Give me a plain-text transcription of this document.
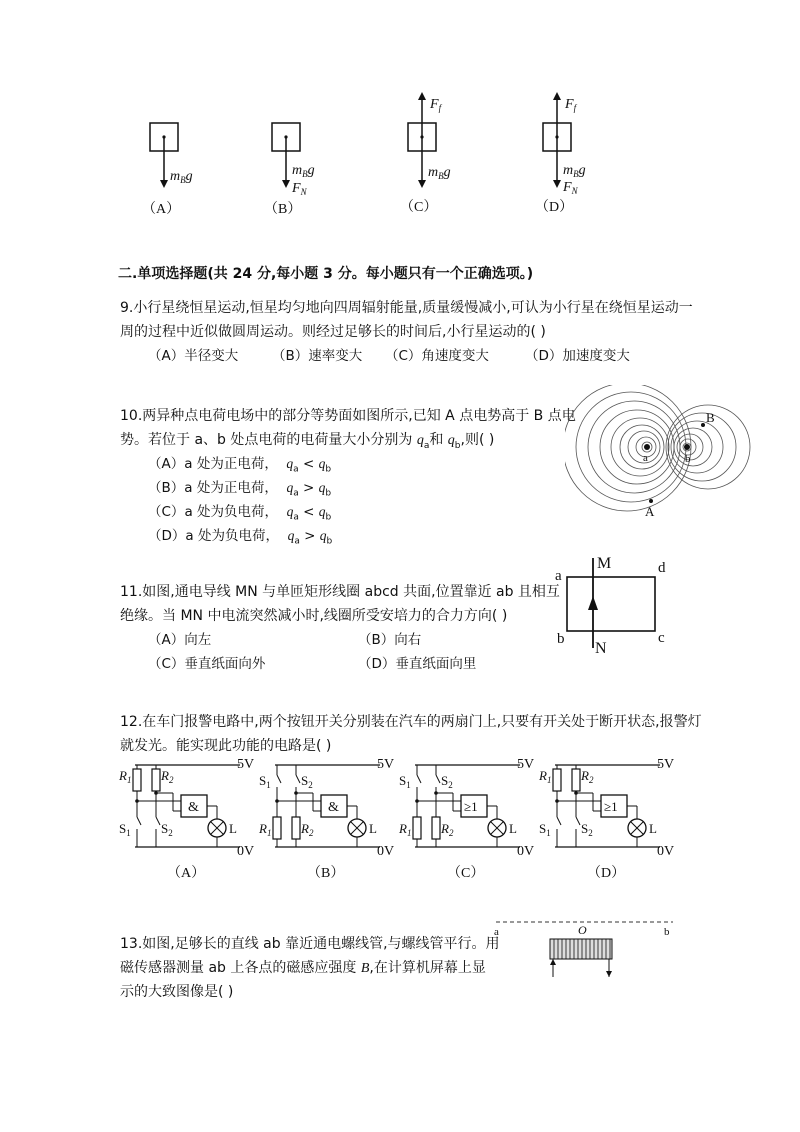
$m_Bg$
（A）
$m_Bg$
$F_N$
（B）
$F_f$
$m_Bg$
（C）
$F_f$
$m_Bg$
$F_N$
（D）
二.单项选择题(共 24 分,每小题 3 分。每小题只有一个正确选项。)
9.小行星绕恒星运动,恒星均匀地向四周辐射能量,质量缓慢减小,可认为小行星在绕恒星运动一
周的过程中近似做圆周运动。则经过足够长的时间后,小行星运动的( )
（A）半径变大	（B）速率变大 （C）角速度变大	（D）加速度变大
10.两异种点电荷电场中的部分等势面如图所示,已知 A 点电势高于 B 点电
势。若位于 a、b 处点电荷的电荷量大小分别为 $q_a$和 $q_b$,则( )
（A）a 处为正电荷， $q_a < q_b$
（B）a 处为正电荷， $q_a > q_b$
（C）a 处为负电荷， $q_a < q_b$
（D）a 处为负电荷， $q_a > q_b$
a	b
B
A
11.如图,通电导线 MN 与单匝矩形线圈 abcd 共面,位置靠近 ab 且相互
绝缘。当 MN 中电流突然减小时,线圈所受安培力的合力方向( )
（A）向左	（B）向右
（C）垂直纸面向外	（D）垂直纸面向里
M
N
a
b	c
d
12.在车门报警电路中,两个按钮开关分别装在汽车的两扇门上,只要有开关处于断开状态,报警灯
就发光。能实现此功能的电路是( )
&
$R_1$ $R_2$
$S_1$ $S_2$	L
5V
0V
（A）
&
$S_1$ $S_2$
$R_1$ $R_2$	L
5V
0V
（B）
≥1
$S_1$ $S_2$
$R_1$ $R_2$	L
5V
0V
（C）
≥1
$R_1$ $R_2$
$S_1$ $S_2$	L
5V
0V
（D）
13.如图,足够长的直线 ab 靠近通电螺线管,与螺线管平行。用
磁传感器测量 ab 上各点的磁感应强度 B,在计算机屏幕上显
示的大致图像是( )
a	b
O
